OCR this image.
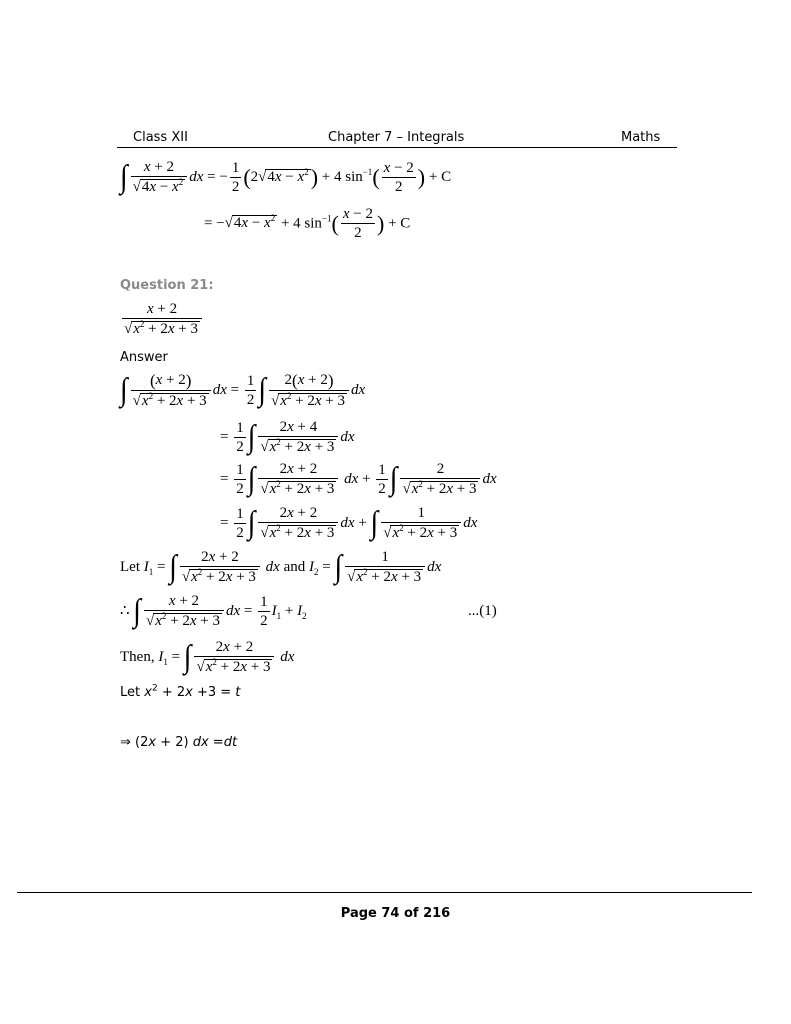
Class XII	Chapter 7 – Integrals	Maths
∫ $\frac{x + 2}{√4x - x^2}$ dx = − $\frac{1}{2} (2√4x - x^2) + 4$ $\sin^{-1}( \frac{x - 2}{2}$ ) + C
= $-√4x - x^2 + 4$ $\sin^{-1}( \frac{x - 2}{2}$ ) + C
Question 21:
$\frac{x + 2}{√x^2 + 2x + 3}$
Answer
∫ $\frac{(x + 2)}{√x^2 + 2x + 3}$ dx = $\frac{1}{2}$ ∫ $\frac{2(x + 2)}{√x^2 + 2x + 3}$ dx
= $\frac{1}{2}$ ∫ $\frac{2x + 4}{√x^2 + 2x + 3}$ dx
= $\frac{1}{2}$ ∫ $\frac{2x + 2}{√x^2 + 2x + 3}$ dx + $\frac{1}{2}$ ∫ $\frac{2}{√x^2 + 2x + 3}$ dx
= $\frac{1}{2}$ ∫ $\frac{2x + 2}{√x^2 + 2x + 3}$ dx + ∫ $\frac{1}{√x^2 + 2x + 3}$ dx
Let $I_1$ = ∫ $\frac{2x + 2}{√x^2 + 2x + 3}$ dx and $I_2$ = ∫ $\frac{1}{√x^2 + 2x + 3}$ dx
∴ ∫ $\frac{x + 2}{√x^2 + 2x + 3}$ dx = $\frac{1}{2} I_1 + I_2$	...(1)
Then, $I_1$ = ∫ $\frac{2x + 2}{√x^2 + 2x + 3}$ dx
Let $x^2 + 2x +3 = t$
⇒ (2x + 2) dx =dt
Page 74 of 216
